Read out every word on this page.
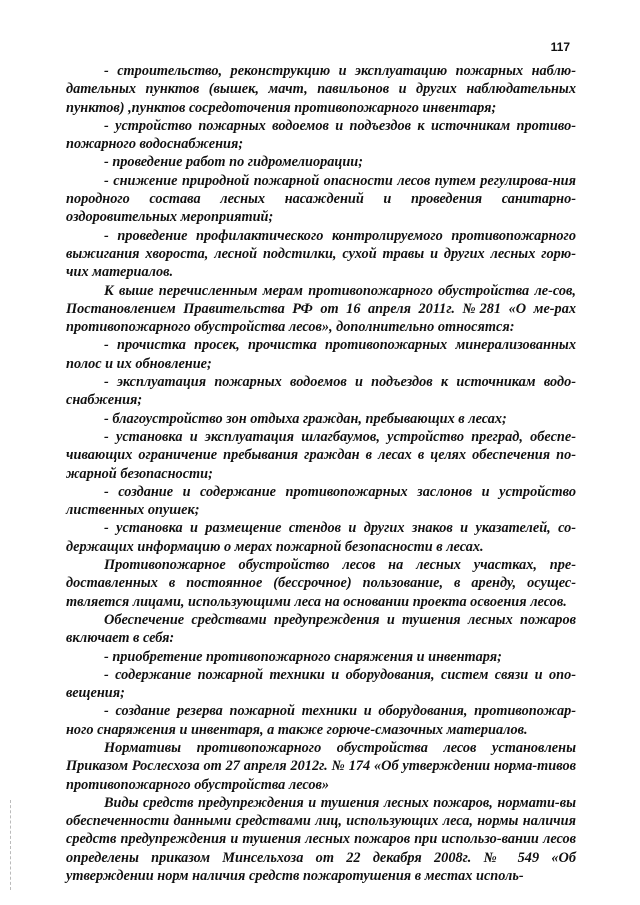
117

- строительство, реконструкцию и эксплуатацию пожарных наблю-дательных пунктов (вышек, мачт, павильонов и других наблюдательных пунктов) ,пунктов сосредоточения противопожарного инвентаря;

- устройство пожарных водоемов и подъездов к источникам противо-пожарного водоснабжения;

- проведение работ по гидромелиорации;

- снижение природной пожарной опасности лесов путем регулирова-ния породного состава лесных насаждений и проведения санитарно-оздоровительных мероприятий;

- проведение профилактического контролируемого противопожарного выжигания хвороста, лесной подстилки, сухой травы и других лесных горю-чих материалов.

К выше перечисленным мерам противопожарного обустройства ле-сов, Постановлением Правительства РФ от 16 апреля 2011г. №281 «О ме-рах противопожарного обустройства лесов», дополнительно относятся:

- прочистка просек, прочистка противопожарных минерализованных полос и их обновление;

- эксплуатация пожарных водоемов и подъездов к источникам водо-снабжения;

- благоустройство зон отдыха граждан, пребывающих в лесах;

- установка и эксплуатация шлагбаумов, устройство преград, обеспе-чивающих ограничение пребывания граждан в лесах в целях обеспечения по-жарной безопасности;

- создание и содержание противопожарных заслонов и устройство лиственных опушек;

- установка и размещение стендов и других знаков и указателей, со-держащих информацию о мерах пожарной безопасности в лесах.

Противопожарное обустройство лесов на лесных участках, пре-доставленных в постоянное (бессрочное) пользование, в аренду, осущес-твляется лицами, использующими леса на основании проекта освоения лесов.

Обеспечение средствами предупреждения и тушения лесных пожаров включает в себя:

- приобретение противопожарного снаряжения и инвентаря;

- содержание пожарной техники и оборудования, систем связи и опо-вещения;

- создание резерва пожарной техники и оборудования, противопожар-ного снаряжения и инвентаря, а также горюче-смазочных материалов.

Нормативы противопожарного обустройства лесов установлены Приказом Рослесхоза от 27 апреля 2012г. № 174 «Об утверждении норма-тивов противопожарного обустройства лесов»

Виды средств предупреждения и тушения лесных пожаров, нормати-вы обеспеченности данными средствами лиц, использующих леса, нормы наличия средств предупреждения и тушения лесных пожаров при использо-вании лесов определены приказом Минсельхоза от 22 декабря 2008г. № 549 «Об утверждении норм наличия средств пожаротушения в местах исполь-
